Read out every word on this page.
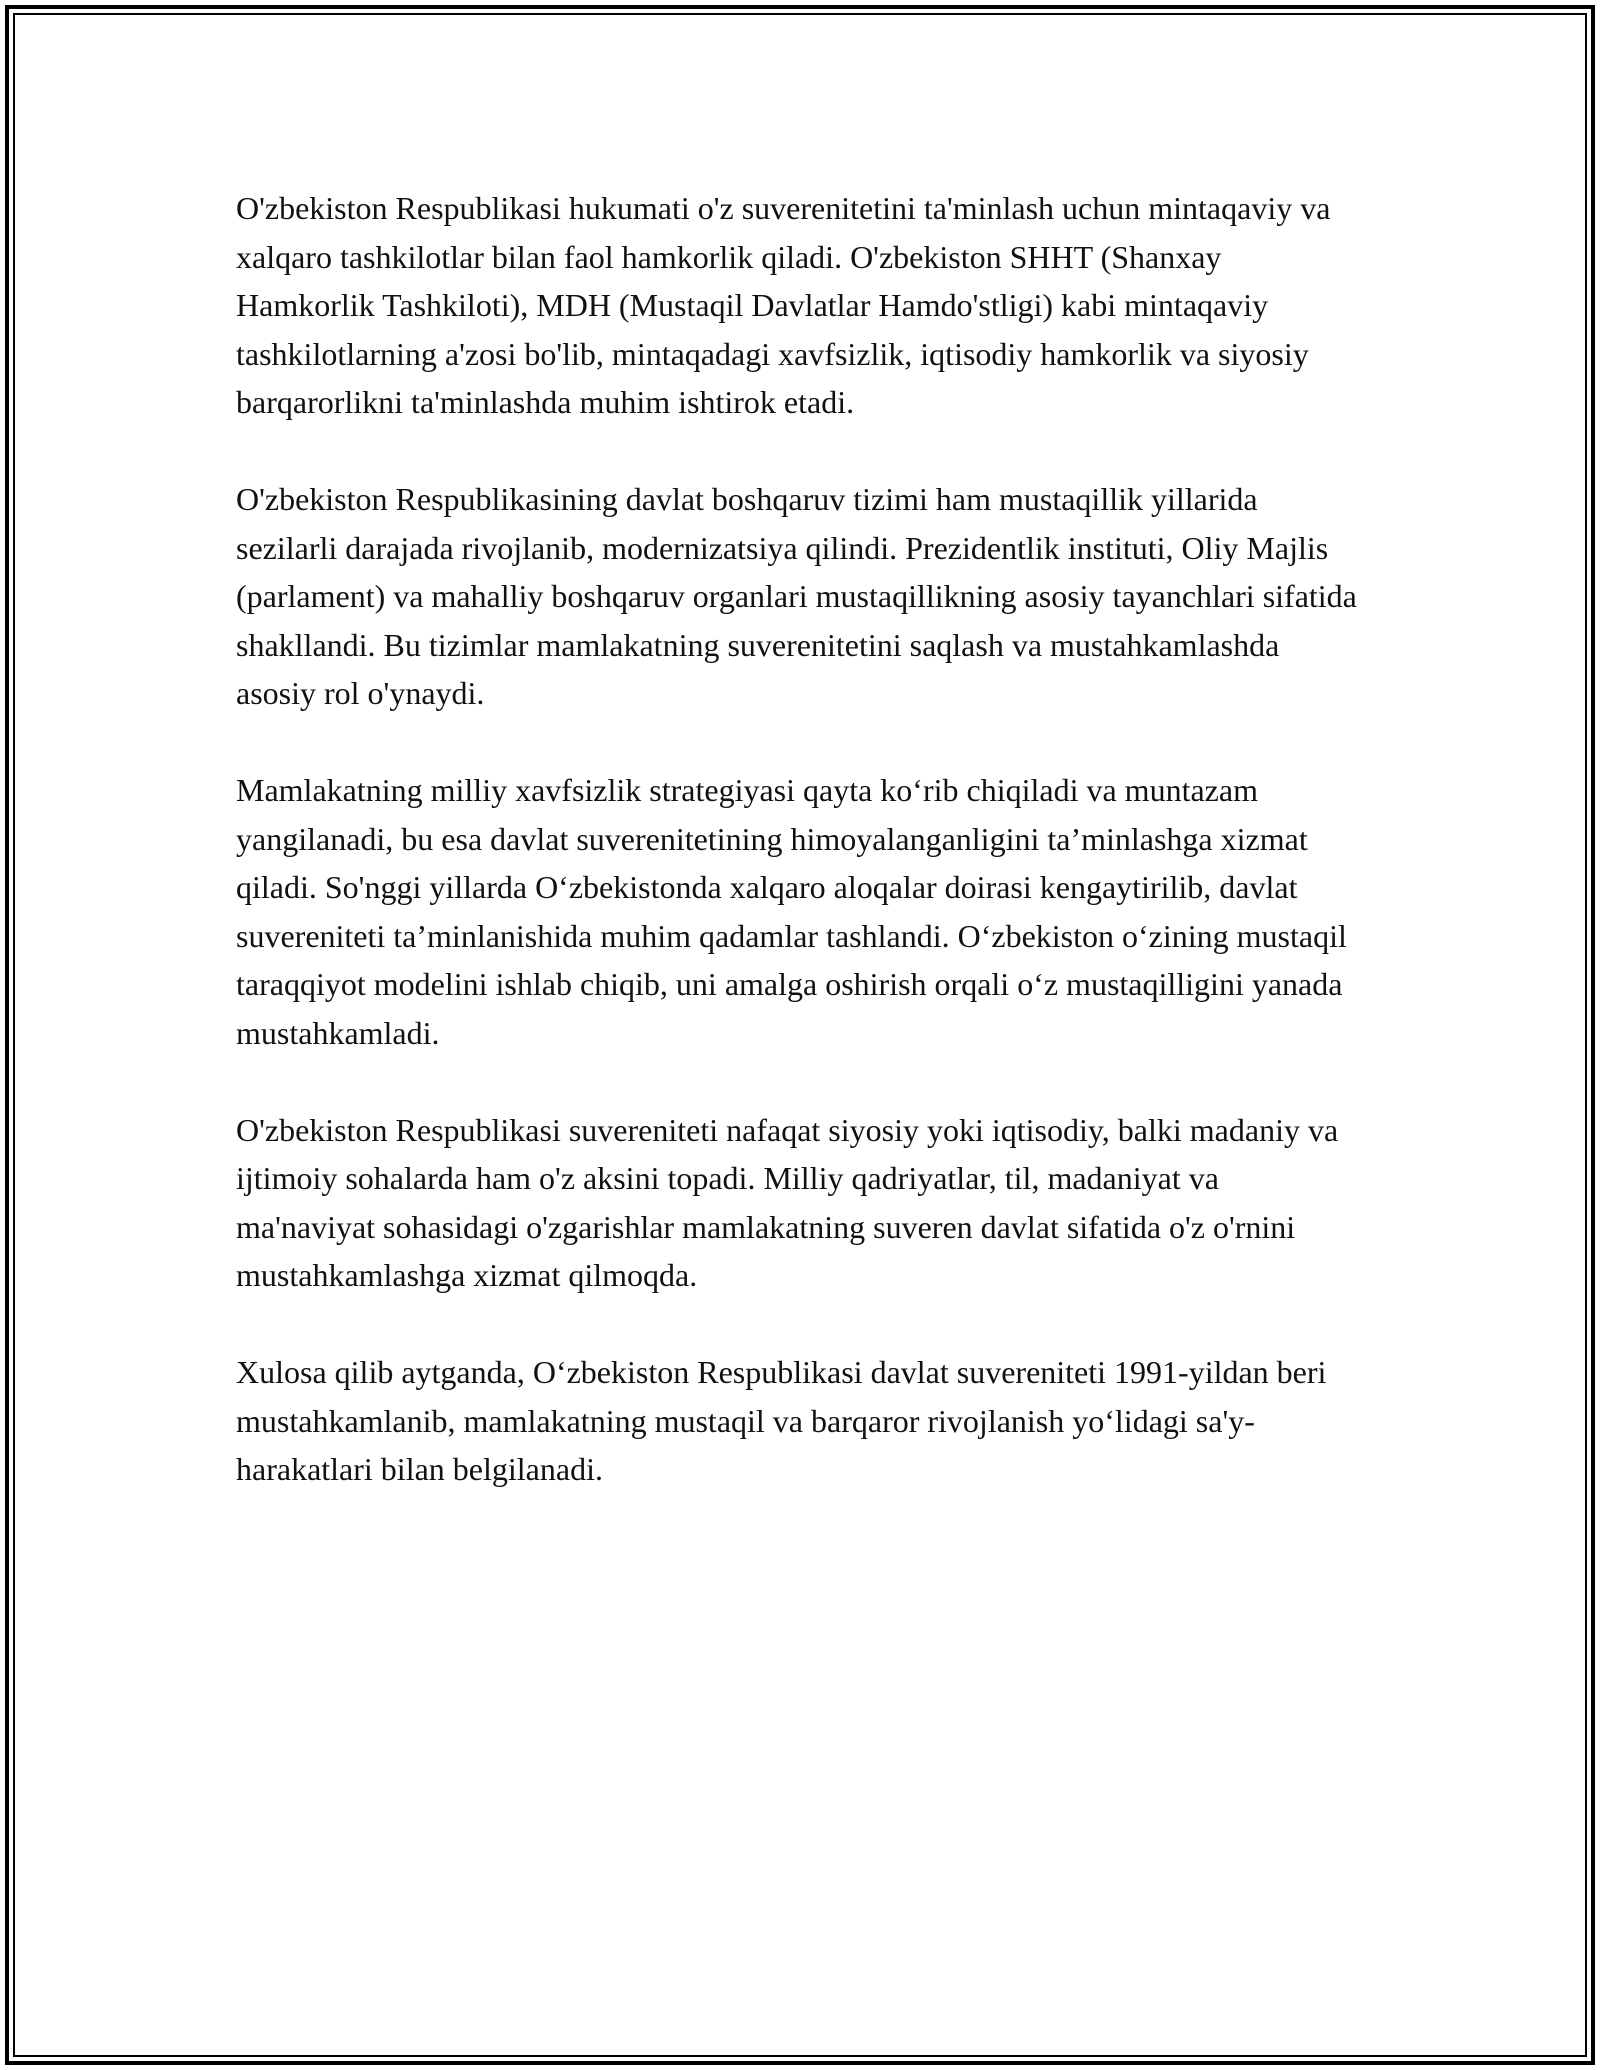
O'zbekiston Respublikasi hukumati o'z suverenitetini ta'minlash uchun mintaqaviy va xalqaro tashkilotlar bilan faol hamkorlik qiladi. O'zbekiston SHHT (Shanxay Hamkorlik Tashkiloti), MDH (Mustaqil Davlatlar Hamdo'stligi) kabi mintaqaviy tashkilotlarning a'zosi bo'lib, mintaqadagi xavfsizlik, iqtisodiy hamkorlik va siyosiy barqarorlikni ta'minlashda muhim ishtirok etadi.

O'zbekiston Respublikasining davlat boshqaruv tizimi ham mustaqillik yillarida sezilarli darajada rivojlanib, modernizatsiya qilindi. Prezidentlik instituti, Oliy Majlis (parlament) va mahalliy boshqaruv organlari mustaqillikning asosiy tayanchlari sifatida shakllandi. Bu tizimlar mamlakatning suverenitetini saqlash va mustahkamlashda asosiy rol o'ynaydi.

Mamlakatning milliy xavfsizlik strategiyasi qayta koʻrib chiqiladi va muntazam yangilanadi, bu esa davlat suverenitetining himoyalanganligini ta’minlashga xizmat qiladi. So'nggi yillarda Oʻzbekistonda xalqaro aloqalar doirasi kengaytirilib, davlat suvereniteti ta’minlanishida muhim qadamlar tashlandi. Oʻzbekiston oʻzining mustaqil taraqqiyot modelini ishlab chiqib, uni amalga oshirish orqali oʻz mustaqilligini yanada mustahkamladi.

O'zbekiston Respublikasi suvereniteti nafaqat siyosiy yoki iqtisodiy, balki madaniy va ijtimoiy sohalarda ham o'z aksini topadi. Milliy qadriyatlar, til, madaniyat va ma'naviyat sohasidagi o'zgarishlar mamlakatning suveren davlat sifatida o'z o'rnini mustahkamlashga xizmat qilmoqda.

Xulosa qilib aytganda, Oʻzbekiston Respublikasi davlat suvereniteti 1991-yildan beri mustahkamlanib, mamlakatning mustaqil va barqaror rivojlanish yoʻlidagi sa'y-harakatlari bilan belgilanadi.
